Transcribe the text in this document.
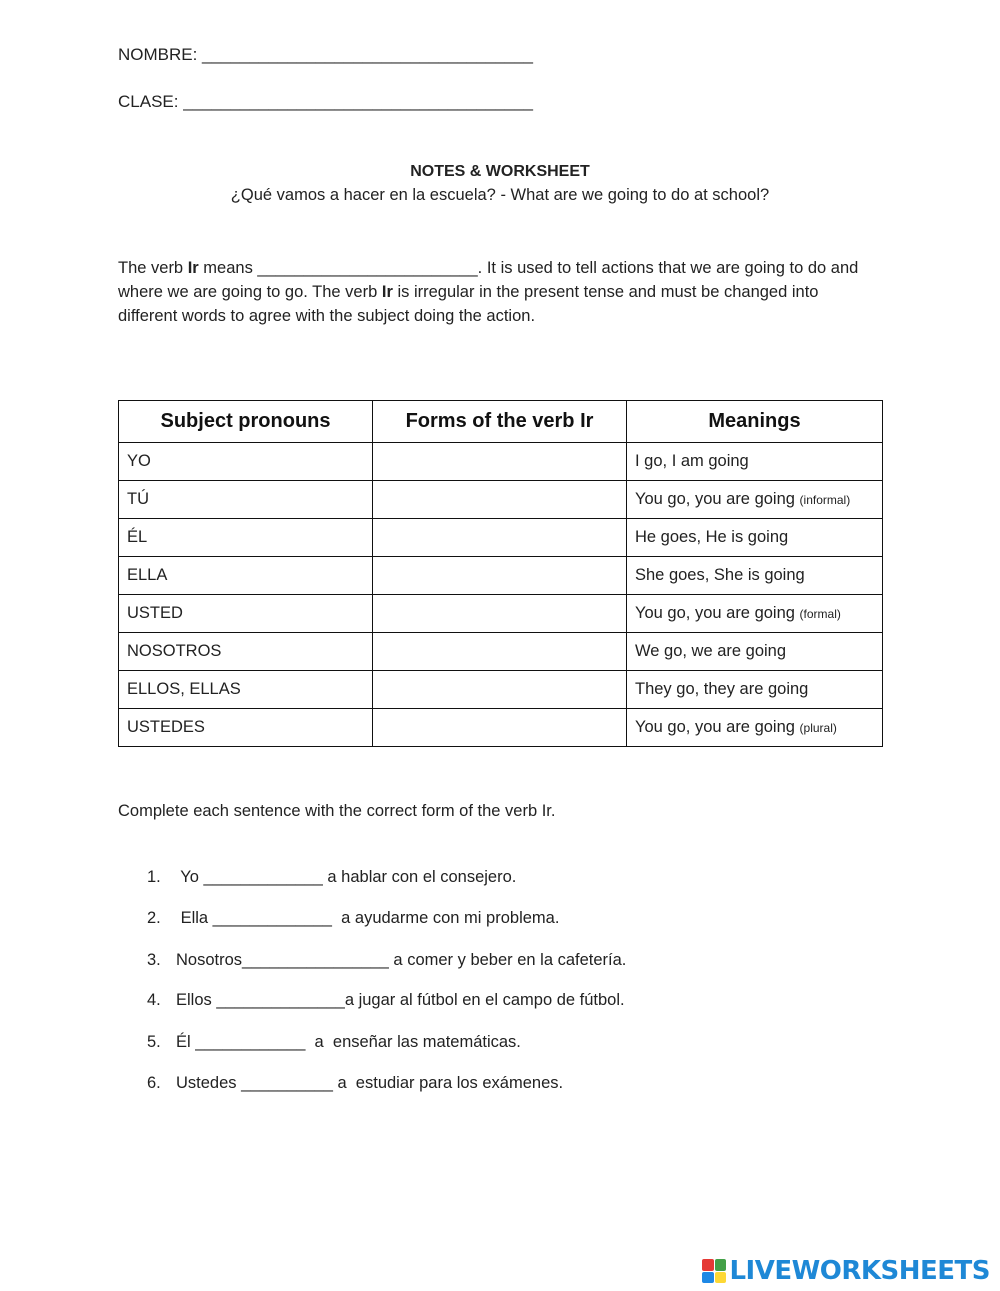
NOMBRE: ___________________________________
CLASE: _____________________________________
NOTES & WORKSHEET
¿Qué vamos a hacer en la escuela? - What are we going to do at school?
The verb Ir means ________________________. It is used to tell actions that we are going to do and where we are going to go. The verb Ir is irregular in the present tense and must be changed into different words to agree with the subject doing the action.
Subject pronouns	Forms of the verb Ir	Meanings
YO		I go, I am going
TÚ		You go, you are going (informal)
ÉL		He goes, He is going
ELLA		She goes, She is going
USTED		You go, you are going (formal)
NOSOTROS		We go, we are going
ELLOS, ELLAS		They go, they are going
USTEDES		You go, you are going (plural)
Complete each sentence with the correct form of the verb Ir.
1. Yo _____________ a hablar con el consejero.
2. Ella _____________  a ayudarme con mi problema.
3. Nosotros________________ a comer y beber en la cafetería.
4. Ellos ______________a jugar al fútbol en el campo de fútbol.
5. Él ____________  a  enseñar las matemáticas.
6. Ustedes __________ a  estudiar para los exámenes.
LIVEWORKSHEETS
